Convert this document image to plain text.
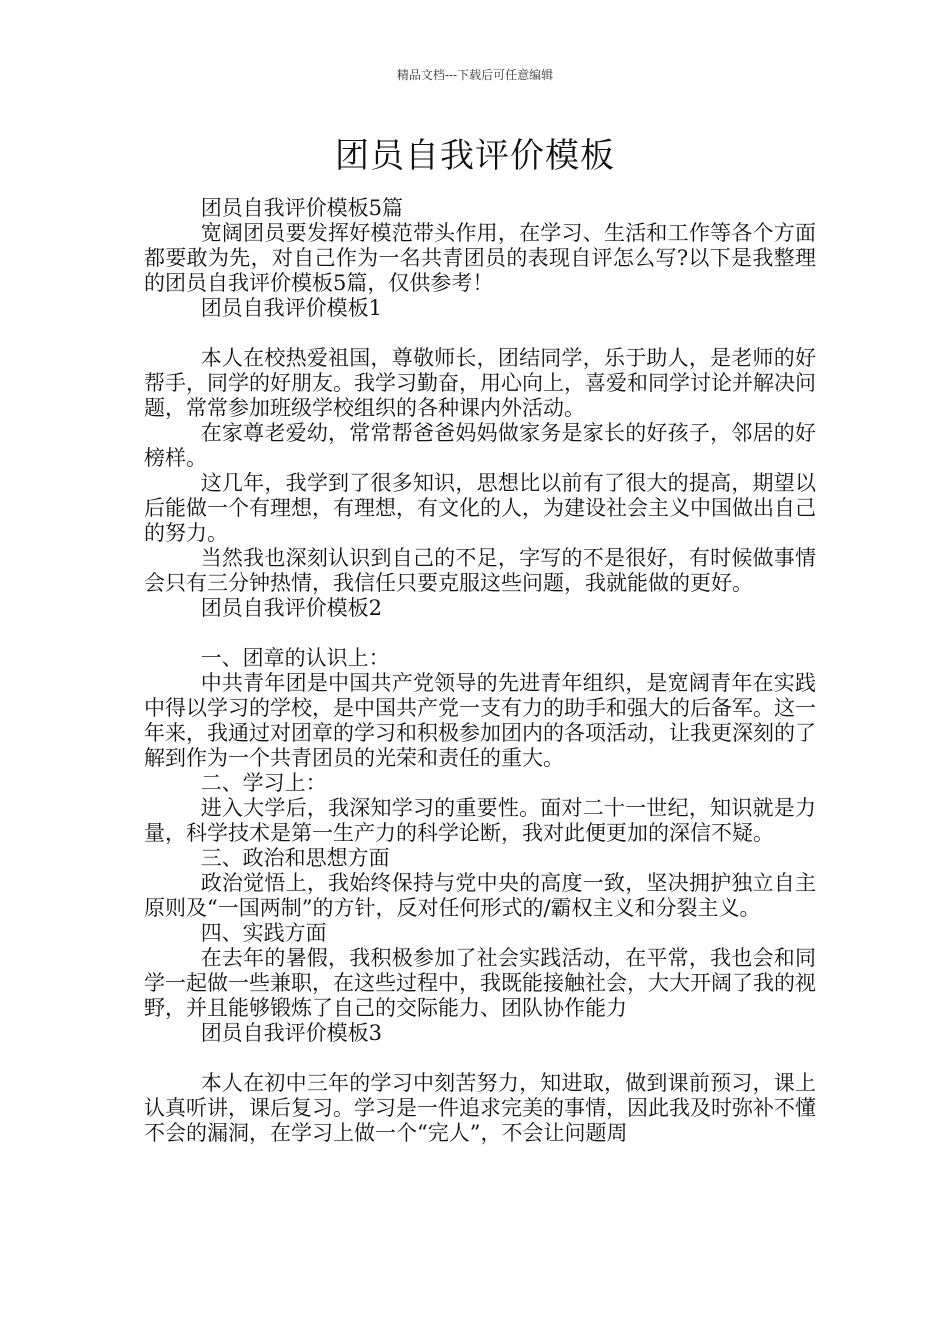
精品文档---下载后可任意编辑
团员自我评价模板

团员自我评价模板5篇

宽阔团员要发挥好模范带头作用，在学习、生活和工作等各个方面都要敢为先，对自己作为一名共青团员的表现自评怎么写?以下是我整理的团员自我评价模板5篇，仅供参考！

团员自我评价模板1

本人在校热爱祖国，尊敬师长，团结同学，乐于助人，是老师的好帮手，同学的好朋友。我学习勤奋，用心向上，喜爱和同学讨论并解决问题，常常参加班级学校组织的各种课内外活动。

在家尊老爱幼，常常帮爸爸妈妈做家务是家长的好孩子，邻居的好榜样。

这几年，我学到了很多知识，思想比以前有了很大的提高，期望以后能做一个有理想，有理想，有文化的人，为建设社会主义中国做出自己的努力。

当然我也深刻认识到自己的不足，字写的不是很好，有时候做事情会只有三分钟热情，我信任只要克服这些问题，我就能做的更好。

团员自我评价模板2

一、团章的认识上：

中共青年团是中国共产党领导的先进青年组织，是宽阔青年在实践中得以学习的学校，是中国共产党一支有力的助手和强大的后备军。这一年来，我通过对团章的学习和积极参加团内的各项活动，让我更深刻的了解到作为一个共青团员的光荣和责任的重大。

二、学习上：

进入大学后，我深知学习的重要性。面对二十一世纪，知识就是力量，科学技术是第一生产力的科学论断，我对此便更加的深信不疑。

三、政治和思想方面

政治觉悟上，我始终保持与党中央的高度一致，坚决拥护独立自主原则及“一国两制”的方针，反对任何形式的/霸权主义和分裂主义。

四、实践方面

在去年的暑假，我积极参加了社会实践活动，在平常，我也会和同学一起做一些兼职，在这些过程中，我既能接触社会，大大开阔了我的视野，并且能够锻炼了自己的交际能力、团队协作能力

团员自我评价模板3

本人在初中三年的学习中刻苦努力，知进取，做到课前预习，课上认真听讲，课后复习。学习是一件追求完美的事情，因此我及时弥补不懂不会的漏洞，在学习上做一个“完人”，不会让问题周
